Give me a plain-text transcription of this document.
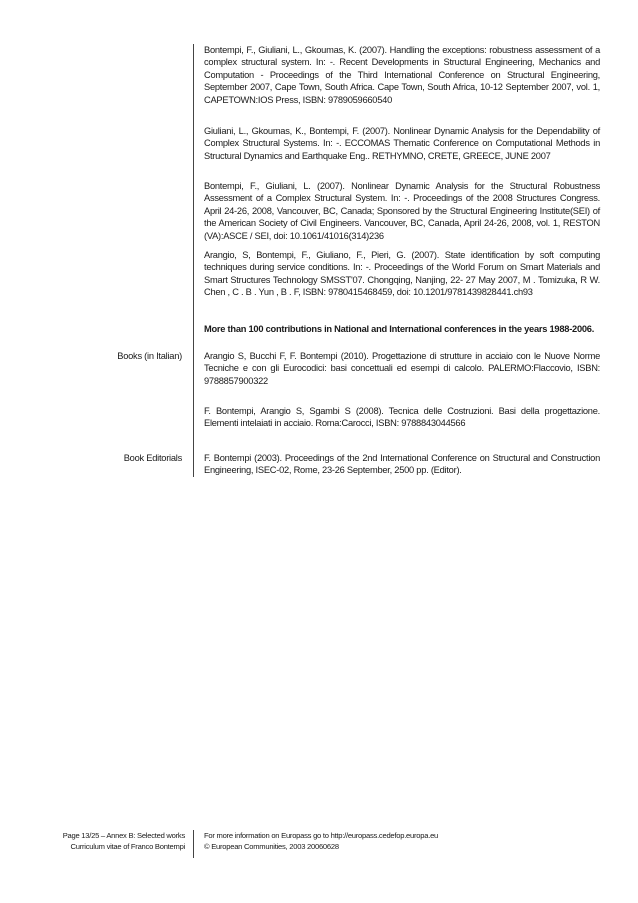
Bontempi, F., Giuliani, L., Gkoumas, K. (2007). Handling the exceptions: robustness assessment of a complex structural system. In: -. Recent Developments in Structural Engineering, Mechanics and Computation - Proceedings of the Third International Conference on Structural Engineering, September 2007, Cape Town, South Africa. Cape Town, South Africa, 10-12 September 2007, vol. 1, CAPETOWN:IOS Press, ISBN: 9789059660540

Giuliani, L., Gkoumas, K., Bontempi, F. (2007). Nonlinear Dynamic Analysis for the Dependability of Complex Structural Systems. In: -. ECCOMAS Thematic Conference on Computational Methods in Structural Dynamics and Earthquake Eng.. RETHYMNO, CRETE, GREECE, JUNE 2007

Bontempi, F., Giuliani, L. (2007). Nonlinear Dynamic Analysis for the Structural Robustness Assessment of a Complex Structural System. In: -. Proceedings of the 2008 Structures Congress. April 24-26, 2008, Vancouver, BC, Canada; Sponsored by the Structural Engineering Institute(SEI) of the American Society of Civil Engineers. Vancouver, BC, Canada, April 24-26, 2008, vol. 1, RESTON (VA):ASCE / SEI, doi: 10.1061/41016(314)236

Arangio, S, Bontempi, F., Giuliano, F., Pieri, G. (2007). State identification by soft computing techniques during service conditions. In: -. Proceedings of the World Forum on Smart Materials and Smart Structures Technology SMSST'07. Chongqing, Nanjing, 22- 27 May 2007, M . Tomizuka, R W. Chen , C . B . Yun , B . F, ISBN: 9780415468459, doi: 10.1201/9781439828441.ch93

More than 100 contributions in National and International conferences in the years 1988-2006.
Books (in Italian) Arangio S, Bucchi F, F. Bontempi (2010). Progettazione di strutture in acciaio con le Nuove Norme Tecniche e con gli Eurocodici: basi concettuali ed esempi di calcolo. PALERMO:Flaccovio, ISBN: 9788857900322

F. Bontempi, Arangio S, Sgambi S (2008). Tecnica delle Costruzioni. Basi della progettazione. Elementi intelaiati in acciaio. Roma:Carocci, ISBN: 9788843044566

Book Editorials F. Bontempi (2003). Proceedings of the 2nd International Conference on Structural and Construction Engineering, ISEC-02, Rome, 23-26 September, 2500 pp. (Editor).

Page 13/25 – Annex B: Selected works
Curriculum vitae of Franco Bontempi
For more information on Europass go to http://europass.cedefop.europa.eu
© European Communities, 2003 20060628
